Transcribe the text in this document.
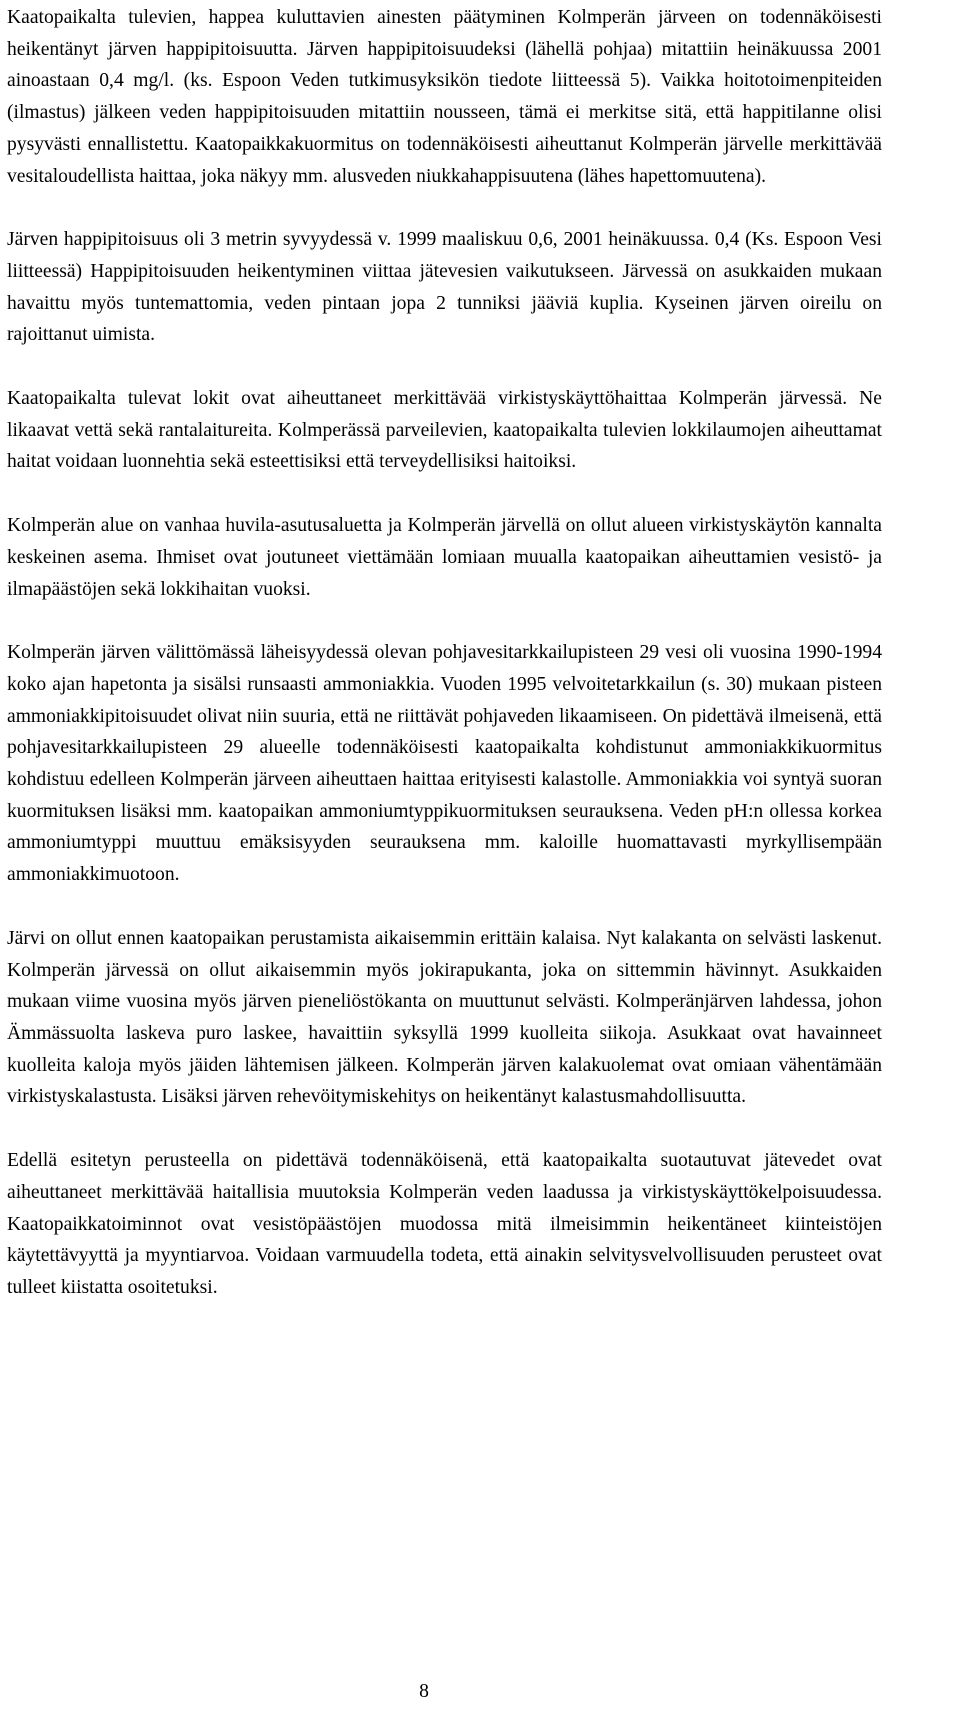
Kaatopaikalta tulevien, happea kuluttavien ainesten päätyminen Kolmperän järveen on todennäköisesti heikentänyt järven happipitoisuutta. Järven happipitoisuudeksi (lähellä pohjaa) mitattiin heinäkuussa 2001 ainoastaan 0,4 mg/l. (ks. Espoon Veden tutkimusyksikön tiedote liitteessä 5). Vaikka hoitotoimenpiteiden (ilmastus) jälkeen veden happipitoisuuden mitattiin nousseen, tämä ei merkitse sitä, että happitilanne olisi pysyvästi ennallistettu. Kaatopaikkakuormitus on todennäköisesti aiheuttanut Kolmperän järvelle merkittävää vesitaloudellista haittaa, joka näkyy mm. alusveden niukkahappisuutena (lähes hapettomuutena).

Järven happipitoisuus oli 3 metrin syvyydessä v. 1999 maaliskuu 0,6, 2001 heinäkuussa. 0,4 (Ks. Espoon Vesi liitteessä) Happipitoisuuden heikentyminen viittaa jätevesien vaikutukseen. Järvessä on asukkaiden mukaan havaittu myös tuntemattomia, veden pintaan jopa 2 tunniksi jääviä kuplia. Kyseinen järven oireilu on rajoittanut uimista.

Kaatopaikalta tulevat lokit ovat aiheuttaneet merkittävää virkistyskäyttöhaittaa Kolmperän järvessä. Ne likaavat vettä sekä rantalaitureita. Kolmperässä parveilevien, kaatopaikalta tulevien lokkilaumojen aiheuttamat haitat voidaan luonnehtia sekä esteettisiksi että terveydellisiksi haitoiksi.

Kolmperän alue on vanhaa huvila-asutusaluetta ja Kolmperän järvellä on ollut alueen virkistyskäytön kannalta keskeinen asema. Ihmiset ovat joutuneet viettämään lomiaan muualla kaatopaikan aiheuttamien vesistö- ja ilmapäästöjen sekä lokkihaitan vuoksi.

Kolmperän järven välittömässä läheisyydessä olevan pohjavesitarkkailupisteen 29 vesi oli vuosina 1990-1994 koko ajan hapetonta ja sisälsi runsaasti ammoniakkia. Vuoden 1995 velvoitetarkkailun (s. 30) mukaan pisteen ammoniakkipitoisuudet olivat niin suuria, että ne riittävät pohjaveden likaamiseen. On pidettävä ilmeisenä, että pohjavesitarkkailupisteen 29 alueelle todennäköisesti kaatopaikalta kohdistunut ammoniakkikuormitus kohdistuu edelleen Kolmperän järveen aiheuttaen haittaa erityisesti kalastolle. Ammoniakkia voi syntyä suoran kuormituksen lisäksi mm. kaatopaikan ammoniumtyppikuormituksen seurauksena. Veden pH:n ollessa korkea ammoniumtyppi muuttuu emäksisyyden seurauksena mm. kaloille huomattavasti myrkyllisempään ammoniakkimuotoon.

Järvi on ollut ennen kaatopaikan perustamista aikaisemmin erittäin kalaisa. Nyt kalakanta on selvästi laskenut. Kolmperän järvessä on ollut aikaisemmin myös jokirapukanta, joka on sittemmin hävinnyt. Asukkaiden mukaan viime vuosina myös järven pieneliöstökanta on muuttunut selvästi. Kolmperänjärven lahdessa, johon Ämmässuolta laskeva puro laskee, havaittiin syksyllä 1999 kuolleita siikoja. Asukkaat ovat havainneet kuolleita kaloja myös jäiden lähtemisen jälkeen. Kolmperän järven kalakuolemat ovat omiaan vähentämään virkistyskalastusta. Lisäksi järven rehevöitymiskehitys on heikentänyt kalastusmahdollisuutta.

Edellä esitetyn perusteella on pidettävä todennäköisenä, että kaatopaikalta suotautuvat jätevedet ovat aiheuttaneet merkittävää haitallisia muutoksia Kolmperän veden laadussa ja virkistyskäyttökelpoisuudessa. Kaatopaikkatoiminnot ovat vesistöpäästöjen muodossa mitä ilmeisimmin heikentäneet kiinteistöjen käytettävyyttä ja myyntiarvoa. Voidaan varmuudella todeta, että ainakin selvitysvelvollisuuden perusteet ovat tulleet kiistatta osoitetuksi.

8
